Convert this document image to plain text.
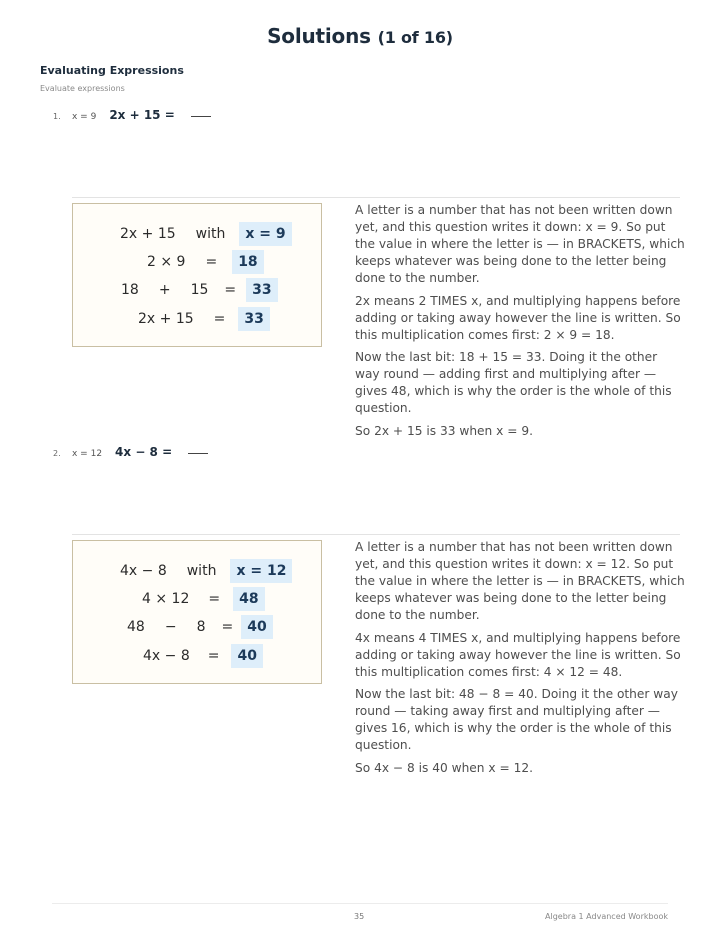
Solutions (1 of 16)
Evaluating Expressions
Evaluate expressions
1.	x = 9 2x + 15 =
2x + 15 with	x = 9
2 × 9 =	18
18 + 15 =	33
2x + 15 =	33

A letter is a number that has not been written down yet, and this question writes it down: x = 9. So put the value in where the letter is — in BRACKETS, which keeps whatever was being done to the letter being done to the number.

2x means 2 TIMES x, and multiplying happens before adding or taking away however the line is written. So this multiplication comes first: 2 × 9 = 18.

Now the last bit: 18 + 15 = 33. Doing it the other way round — adding first and multiplying after — gives 48, which is why the order is the whole of this question.

So 2x + 15 is 33 when x = 9.

2.	x = 12 4x − 8 =
4x − 8 with	x = 12
4 × 12 =	48
48 − 8 =	40
4x − 8 =	40

A letter is a number that has not been written down yet, and this question writes it down: x = 12. So put the value in where the letter is — in BRACKETS, which keeps whatever was being done to the letter being done to the number.

4x means 4 TIMES x, and multiplying happens before adding or taking away however the line is written. So this multiplication comes first: 4 × 12 = 48.

Now the last bit: 48 − 8 = 40. Doing it the other way round — taking away first and multiplying after — gives 16, which is why the order is the whole of this question.

So 4x − 8 is 40 when x = 12.

35	Algebra 1 Advanced Workbook
